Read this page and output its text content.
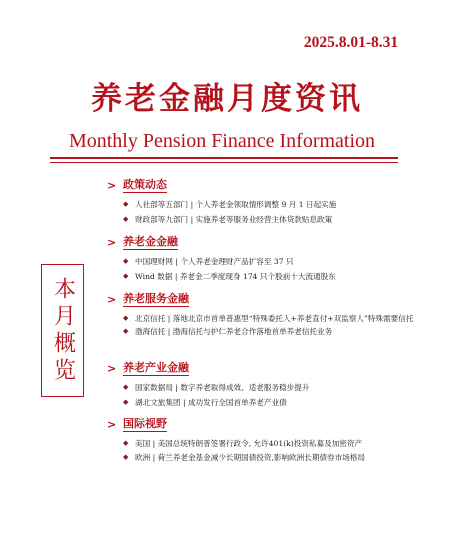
2025.8.01-8.31
养老金融月度资讯
Monthly Pension Finance Information
本月概览
> 政策动态
◆ 人社部等五部门 | 个人养老金领取情形调整 9 月 1 日起实施
◆ 财政部等九部门 | 实施养老等服务业经营主体贷款贴息政策
> 养老金金融
◆ 中国理财网 | 个人养老金理财产品扩容至 37 只
◆ Wind 数据 | 养老金二季度现身 174 只个股前十大流通股东
> 养老服务金融
◆ 北京信托 | 落地北京市首单普惠型“特殊委托人+养老直付+双监察人”特殊需要信托
◆ 渤海信托 | 渤海信托与护仁养老合作落地首单养老信托业务
> 养老产业金融
◆ 国家数据局 | 数字养老取得成效、适老服务稳步提升
◆ 湖北文旅集团 | 成功发行全国首单养老产业债
> 国际视野
◆ 美国 | 美国总统特朗普签署行政令, 允许401(k)投资私募及加密资产
◆ 欧洲 | 荷兰养老金基金减少长期国债投资,影响欧洲长期债券市场格局
